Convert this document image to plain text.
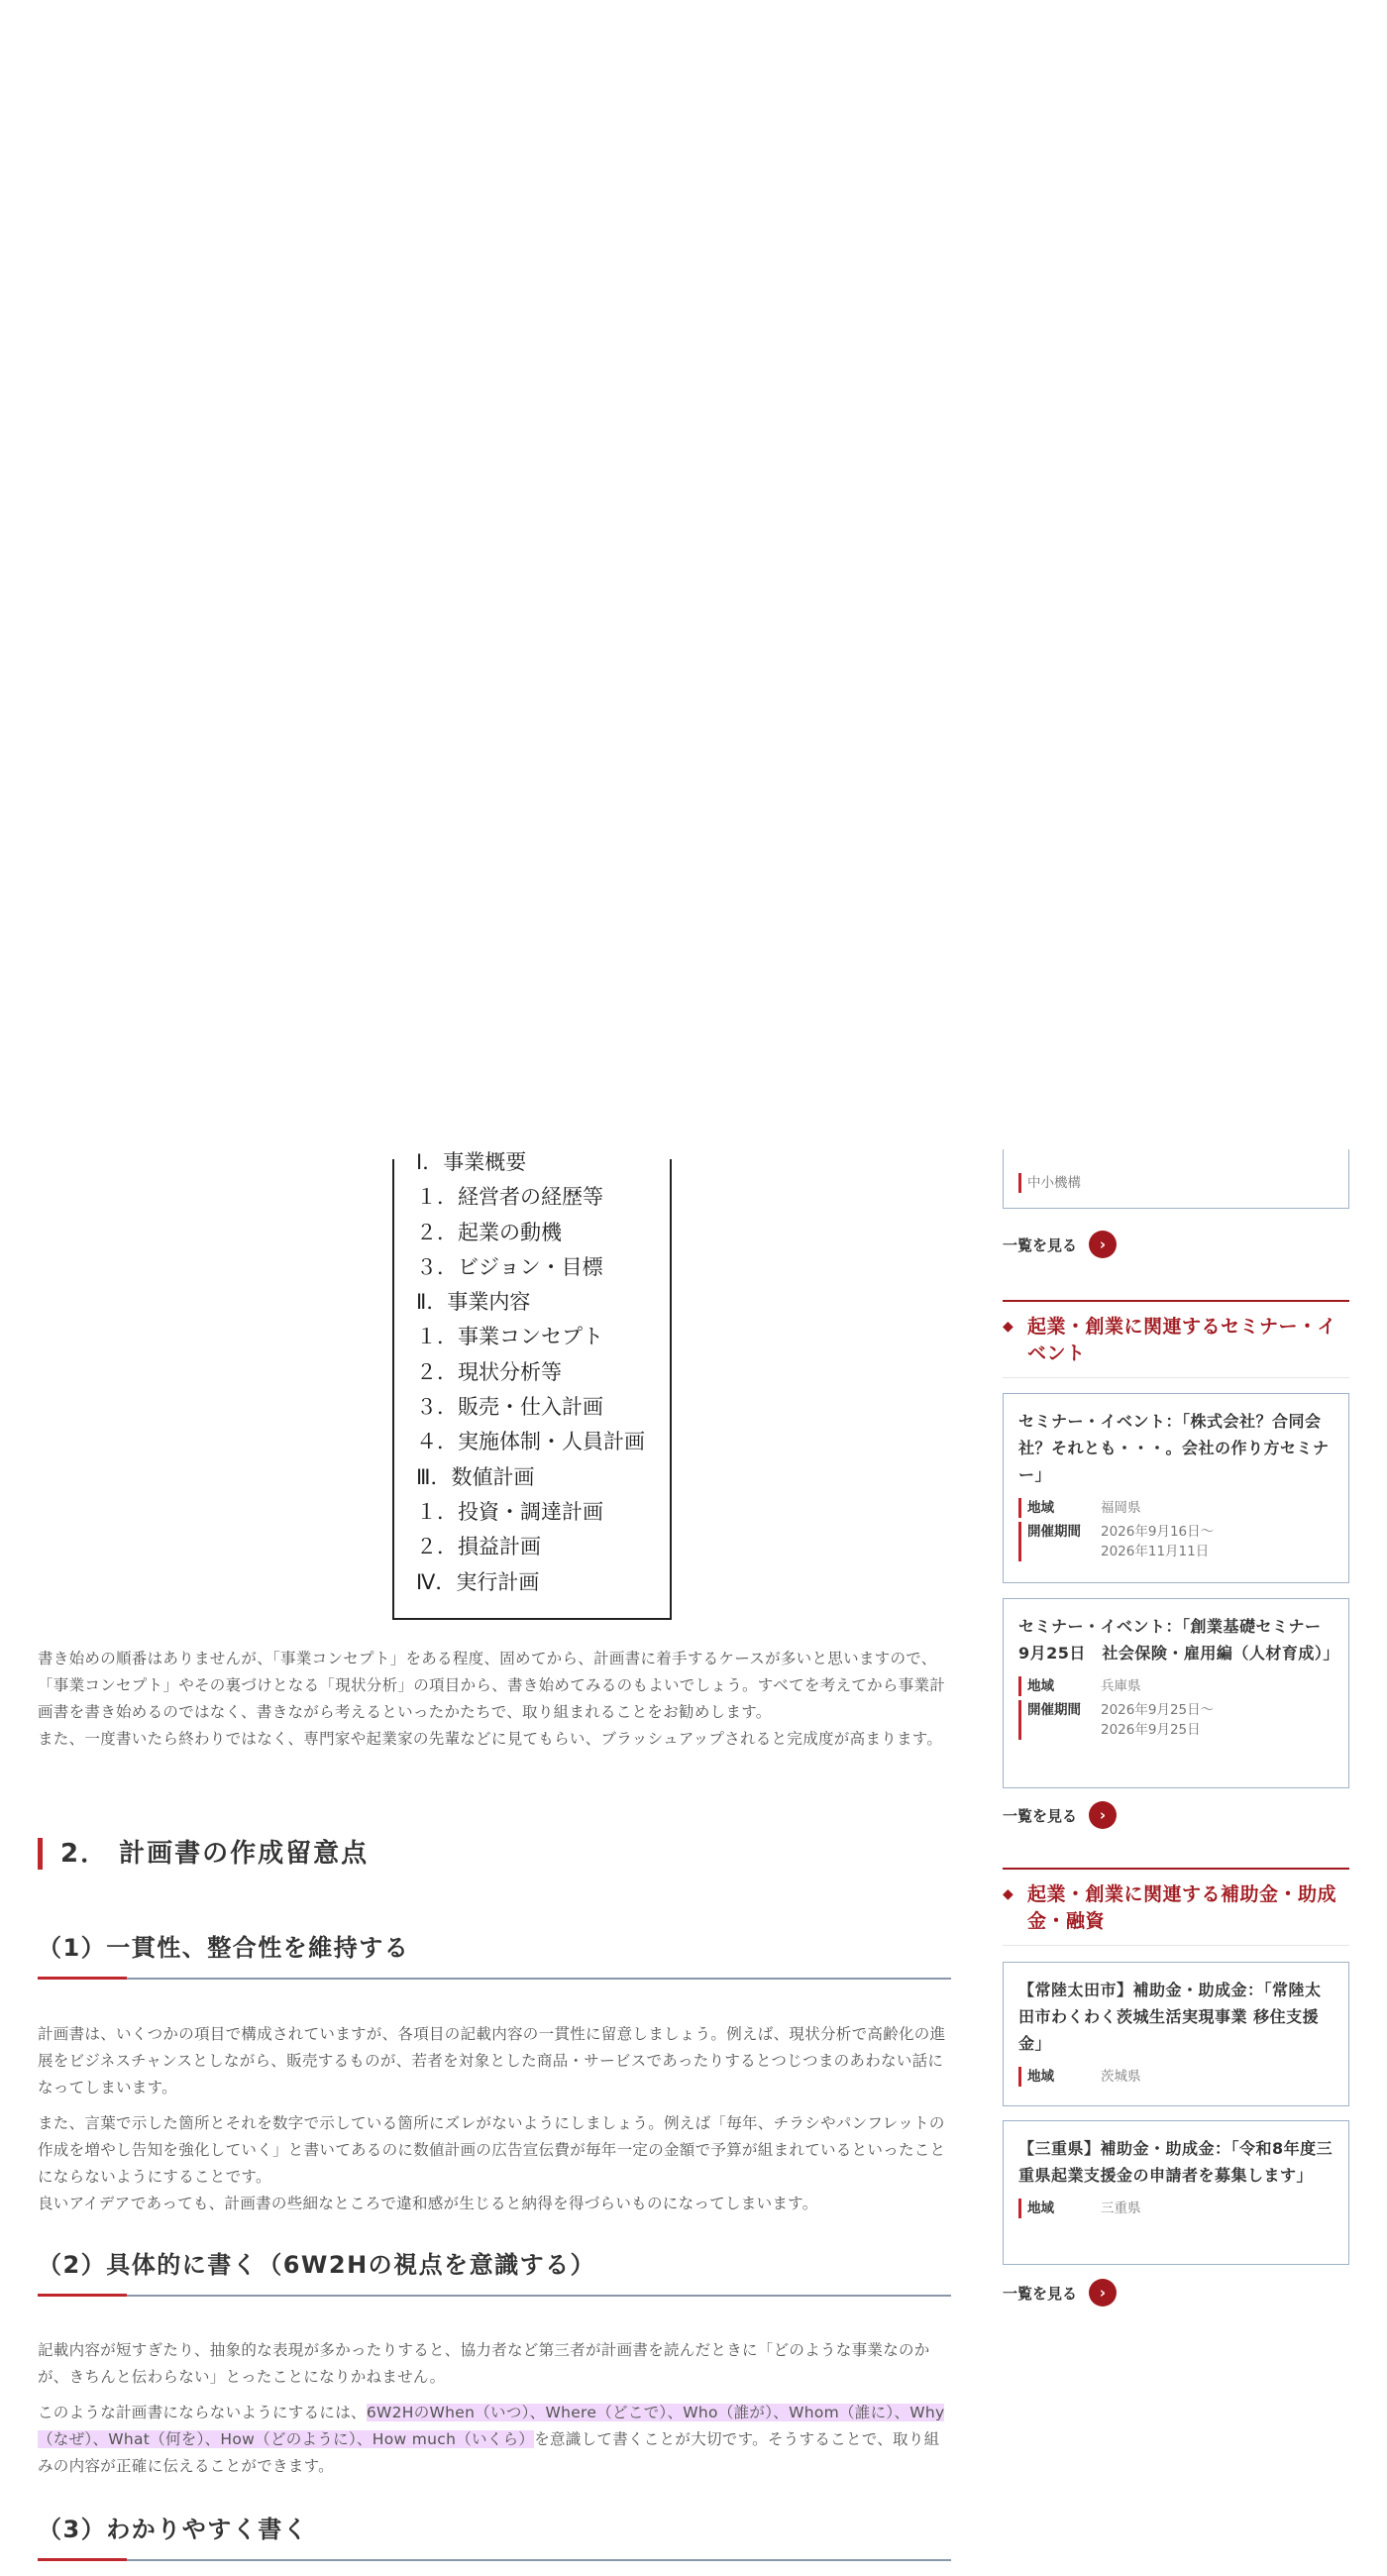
Ⅰ．事業概要
１．経営者の経歴等
２．起業の動機
３．ビジョン・目標
Ⅱ．事業内容
１．事業コンセプト
２．現状分析等
３．販売・仕入計画
４．実施体制・人員計画
Ⅲ．数値計画
１．投資・調達計画
２．損益計画
Ⅳ．実行計画

書き始めの順番はありませんが、「事業コンセプト」をある程度、固めてから、計画書に着手するケースが多いと思いますので、「事業コンセプト」やその裏づけとなる「現状分析」の項目から、書き始めてみるのもよいでしょう。すべてを考えてから事業計画書を書き始めるのではなく、書きながら考えるといったかたちで、取り組まれることをお勧めします。

また、一度書いたら終わりではなく、専門家や起業家の先輩などに見てもらい、ブラッシュアップされると完成度が高まります。

2． 計画書の作成留意点
（1）一貫性、整合性を維持する

計画書は、いくつかの項目で構成されていますが、各項目の記載内容の一貫性に留意しましょう。例えば、現状分析で高齢化の進展をビジネスチャンスとしながら、販売するものが、若者を対象とした商品・サービスであったりするとつじつまのあわない話になってしまいます。

また、言葉で示した箇所とそれを数字で示している箇所にズレがないようにしましょう。例えば「毎年、チラシやパンフレットの作成を増やし告知を強化していく」と書いてあるのに数値計画の広告宣伝費が毎年一定の金額で予算が組まれているといったことにならないようにすることです。

良いアイデアであっても、計画書の些細なところで違和感が生じると納得を得づらいものになってしまいます。

（2）具体的に書く（6W2Hの視点を意識する）

記載内容が短すぎたり、抽象的な表現が多かったりすると、協力者など第三者が計画書を読んだときに「どのような事業なのかが、きちんと伝わらない」とったことになりかねません。

このような計画書にならないようにするには、6W2HのWhen（いつ）、Where（どこで）、Who（誰が）、Whom（誰に）、Why（なぜ）、What（何を）、How（どのように）、How much（いくら）を意識して書くことが大切です。そうすることで、取り組みの内容が正確に伝えることができます。

（3）わかりやすく書く
中小機構
一覧を見る	›
◆ 起業・創業に関連するセミナー・イベント
セミナー・イベント：「株式会社？合同会社？それとも・・・。会社の作り方セミナー」
地域	福岡県
開催期間	2026年9月16日〜
2026年11月11日
セミナー・イベント：「創業基礎セミナー　9月25日　社会保険・雇用編（人材育成）」
地域	兵庫県
開催期間	2026年9月25日〜
2026年9月25日
一覧を見る	›
◆ 起業・創業に関連する補助金・助成金・融資
【常陸太田市】補助金・助成金：「常陸太田市わくわく茨城生活実現事業 移住支援金」
地域	茨城県
【三重県】補助金・助成金：「令和8年度三重県起業支援金の申請者を募集します」
地域	三重県
一覧を見る	›
